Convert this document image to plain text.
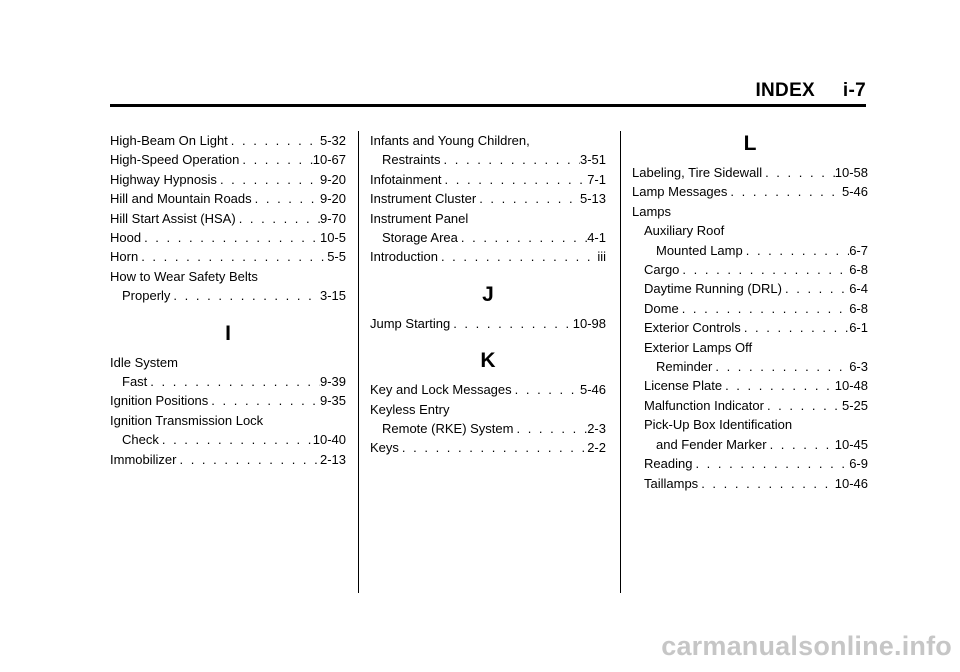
INDEX     i-7
High-Beam On Light . . .	5-32
High-Speed Operation . . .	10-67
Highway Hypnosis . . .	9-20
Hill and Mountain Roads . . .	9-20
Hill Start Assist (HSA) . . .	9-70
Hood . . .	10-5
Horn . . .	5-5
How to Wear Safety Belts
Properly . . .	3-15
I
Idle System
Fast . . .	9-39
Ignition Positions . . .	9-35
Ignition Transmission Lock
Check . . .	10-40
Immobilizer . . .	2-13
Infants and Young Children,
Restraints . . .	3-51
Infotainment . . .	7-1
Instrument Cluster . . .	5-13
Instrument Panel
Storage Area . . .	4-1
Introduction . . .	iii
J
Jump Starting . . .	10-98
K
Key and Lock Messages . . .	5-46
Keyless Entry
Remote (RKE) System . . .	2-3
Keys . . .	2-2
L
Labeling, Tire Sidewall . . .	10-58
Lamp Messages . . .	5-46
Lamps
Auxiliary Roof
Mounted Lamp . . .	6-7
Cargo . . .	6-8
Daytime Running (DRL) . . .	6-4
Dome . . .	6-8
Exterior Controls . . .	6-1
Exterior Lamps Off
Reminder . . .	6-3
License Plate . . .	10-48
Malfunction Indicator . . .	5-25
Pick-Up Box Identification
and Fender Marker . . .	10-45
Reading . . .	6-9
Taillamps . . .	10-46
carmanualsonline.info
